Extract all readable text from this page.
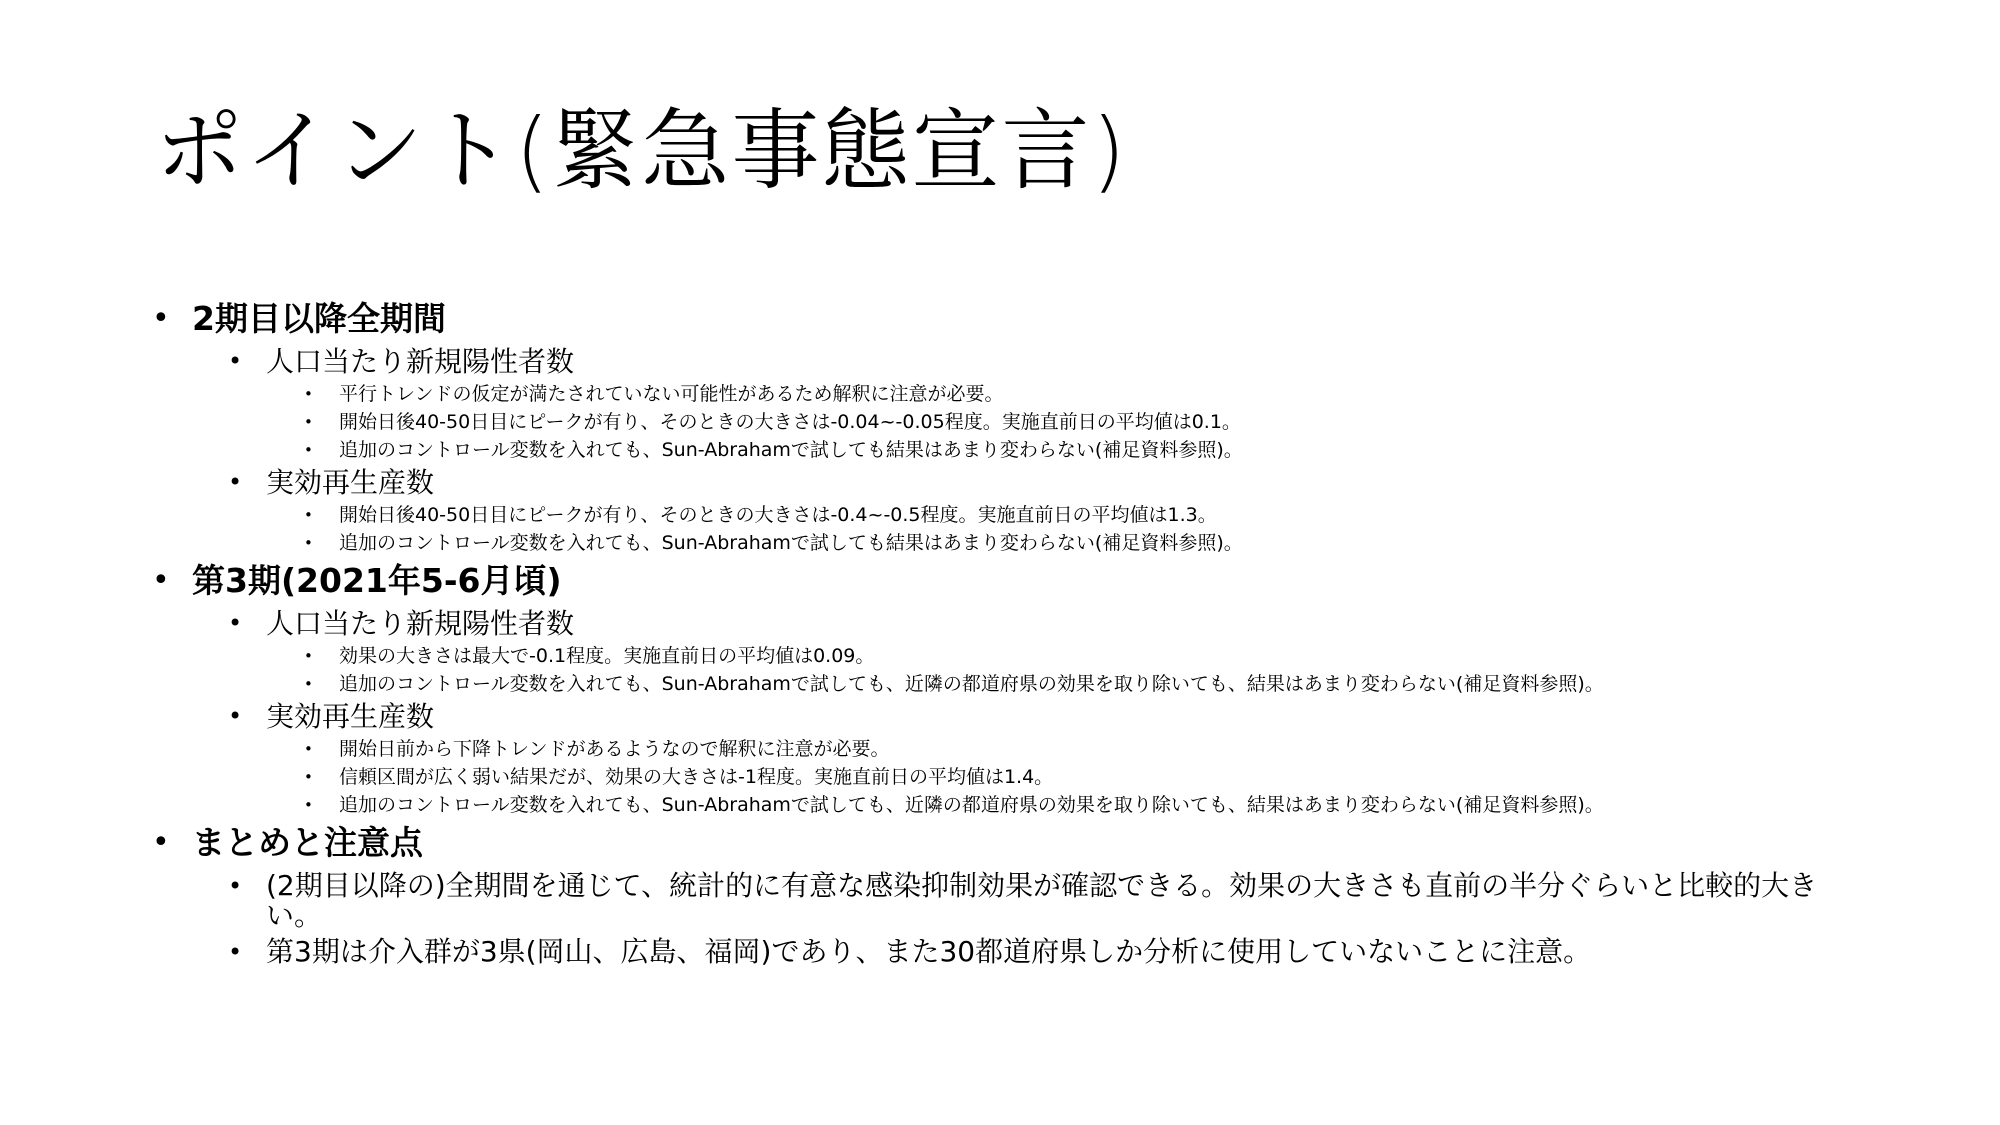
ポイント(緊急事態宣言)
• 2期目以降全期間
• 人口当たり新規陽性者数
• 平行トレンドの仮定が満たされていない可能性があるため解釈に注意が必要。
• 開始日後40-50日目にピークが有り、そのときの大きさは-0.04~-0.05程度。実施直前日の平均値は0.1。
• 追加のコントロール変数を入れても、Sun-Abrahamで試しても結果はあまり変わらない(補足資料参照)。
• 実効再生産数
• 開始日後40-50日目にピークが有り、そのときの大きさは-0.4~-0.5程度。実施直前日の平均値は1.3。
• 追加のコントロール変数を入れても、Sun-Abrahamで試しても結果はあまり変わらない(補足資料参照)。
• 第3期(2021年5-6月頃)
• 人口当たり新規陽性者数
• 効果の大きさは最大で-0.1程度。実施直前日の平均値は0.09。
• 追加のコントロール変数を入れても、Sun-Abrahamで試しても、近隣の都道府県の効果を取り除いても、結果はあまり変わらない(補足資料参照)。
• 実効再生産数
• 開始日前から下降トレンドがあるようなので解釈に注意が必要。
• 信頼区間が広く弱い結果だが、効果の大きさは-1程度。実施直前日の平均値は1.4。
• 追加のコントロール変数を入れても、Sun-Abrahamで試しても、近隣の都道府県の効果を取り除いても、結果はあまり変わらない(補足資料参照)。
• まとめと注意点
• (2期目以降の)全期間を通じて、統計的に有意な感染抑制効果が確認できる。効果の大きさも直前の半分ぐらいと比較的大きい。
• 第3期は介入群が3県(岡山、広島、福岡)であり、また30都道府県しか分析に使用していないことに注意。
